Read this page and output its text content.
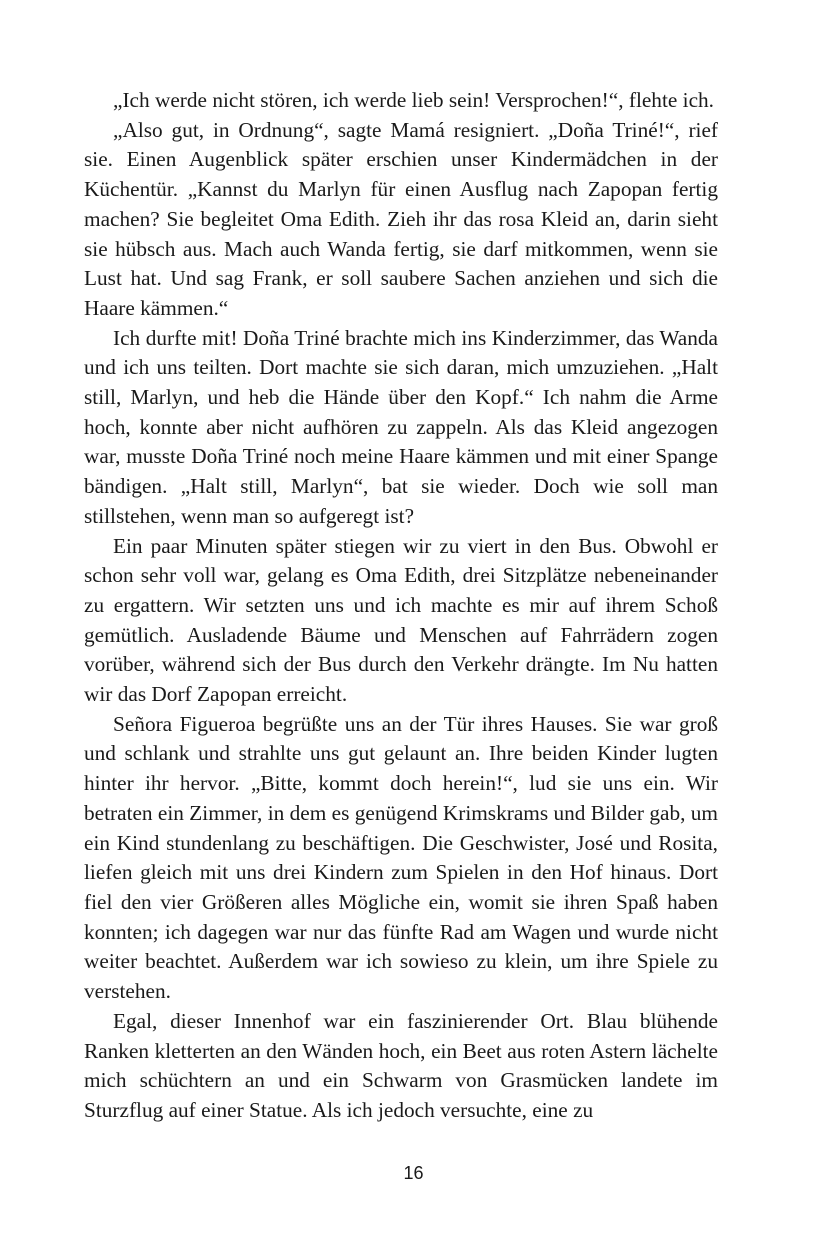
„Ich werde nicht stören, ich werde lieb sein! Versprochen!“, flehte ich.

„Also gut, in Ordnung“, sagte Mamá resigniert. „Doña Triné!“, rief sie. Einen Augenblick später erschien unser Kindermädchen in der Küchentür. „Kannst du Marlyn für einen Ausflug nach Zapopan fertig machen? Sie begleitet Oma Edith. Zieh ihr das rosa Kleid an, darin sieht sie hübsch aus. Mach auch Wanda fertig, sie darf mitkommen, wenn sie Lust hat. Und sag Frank, er soll saubere Sachen anziehen und sich die Haare kämmen.“

Ich durfte mit! Doña Triné brachte mich ins Kinderzimmer, das Wanda und ich uns teilten. Dort machte sie sich daran, mich umzuziehen. „Halt still, Marlyn, und heb die Hände über den Kopf.“ Ich nahm die Arme hoch, konnte aber nicht aufhören zu zappeln. Als das Kleid angezogen war, musste Doña Triné noch meine Haare kämmen und mit einer Spange bändigen. „Halt still, Marlyn“, bat sie wieder. Doch wie soll man stillstehen, wenn man so aufgeregt ist?

Ein paar Minuten später stiegen wir zu viert in den Bus. Obwohl er schon sehr voll war, gelang es Oma Edith, drei Sitzplätze nebeneinander zu ergattern. Wir setzten uns und ich machte es mir auf ihrem Schoß gemütlich. Ausladende Bäume und Menschen auf Fahrrädern zogen vorüber, während sich der Bus durch den Verkehr drängte. Im Nu hatten wir das Dorf Zapopan erreicht.

Señora Figueroa begrüßte uns an der Tür ihres Hauses. Sie war groß und schlank und strahlte uns gut gelaunt an. Ihre beiden Kinder lugten hinter ihr hervor. „Bitte, kommt doch herein!“, lud sie uns ein. Wir betraten ein Zimmer, in dem es genügend Krimskrams und Bilder gab, um ein Kind stundenlang zu beschäftigen. Die Geschwister, José und Rosita, liefen gleich mit uns drei Kindern zum Spielen in den Hof hinaus. Dort fiel den vier Größeren alles Mögliche ein, womit sie ihren Spaß haben konnten; ich dagegen war nur das fünfte Rad am Wagen und wurde nicht weiter beachtet. Außerdem war ich sowieso zu klein, um ihre Spiele zu verstehen.

Egal, dieser Innenhof war ein faszinierender Ort. Blau blühende Ranken kletterten an den Wänden hoch, ein Beet aus roten Astern lächelte mich schüchtern an und ein Schwarm von Grasmücken landete im Sturzflug auf einer Statue. Als ich jedoch versuchte, eine zu

16
